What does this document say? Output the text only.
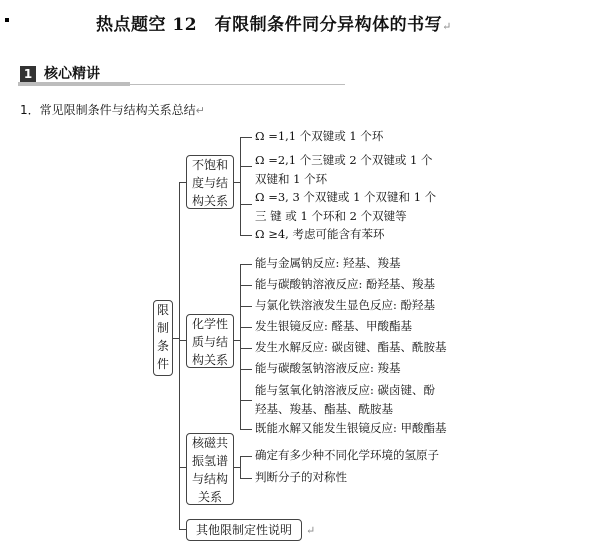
热点题空 12　有限制条件同分异构体的书写↵
1 核心精讲
1．常见限制条件与结构关系总结↵
限
制
条
件
不饱和
度与结
构关系
Ω =1,1 个双键或 1 个环
Ω =2,1 个三键或 2 个双键或 1 个
双键和 1 个环
Ω =3, 3 个双键或 1 个双键和 1 个
三 键 或 1 个环和 2 个双键等
Ω ≥4, 考虑可能含有苯环
化学性
质与结
构关系
能与金属钠反应: 羟基、羧基
能与碳酸钠溶液反应: 酚羟基、羧基
与氯化铁溶液发生显色反应: 酚羟基
发生银镜反应: 醛基、甲酸酯基
发生水解反应: 碳卤键、酯基、酰胺基
能与碳酸氢钠溶液反应: 羧基
能与氢氧化钠溶液反应: 碳卤键、酚
羟基、羧基、酯基、酰胺基
既能水解又能发生银镜反应: 甲酸酯基
核磁共
振氢谱
与结构
关系
确定有多少种不同化学环境的氢原子
判断分子的对称性
其他限制定性说明	↵
